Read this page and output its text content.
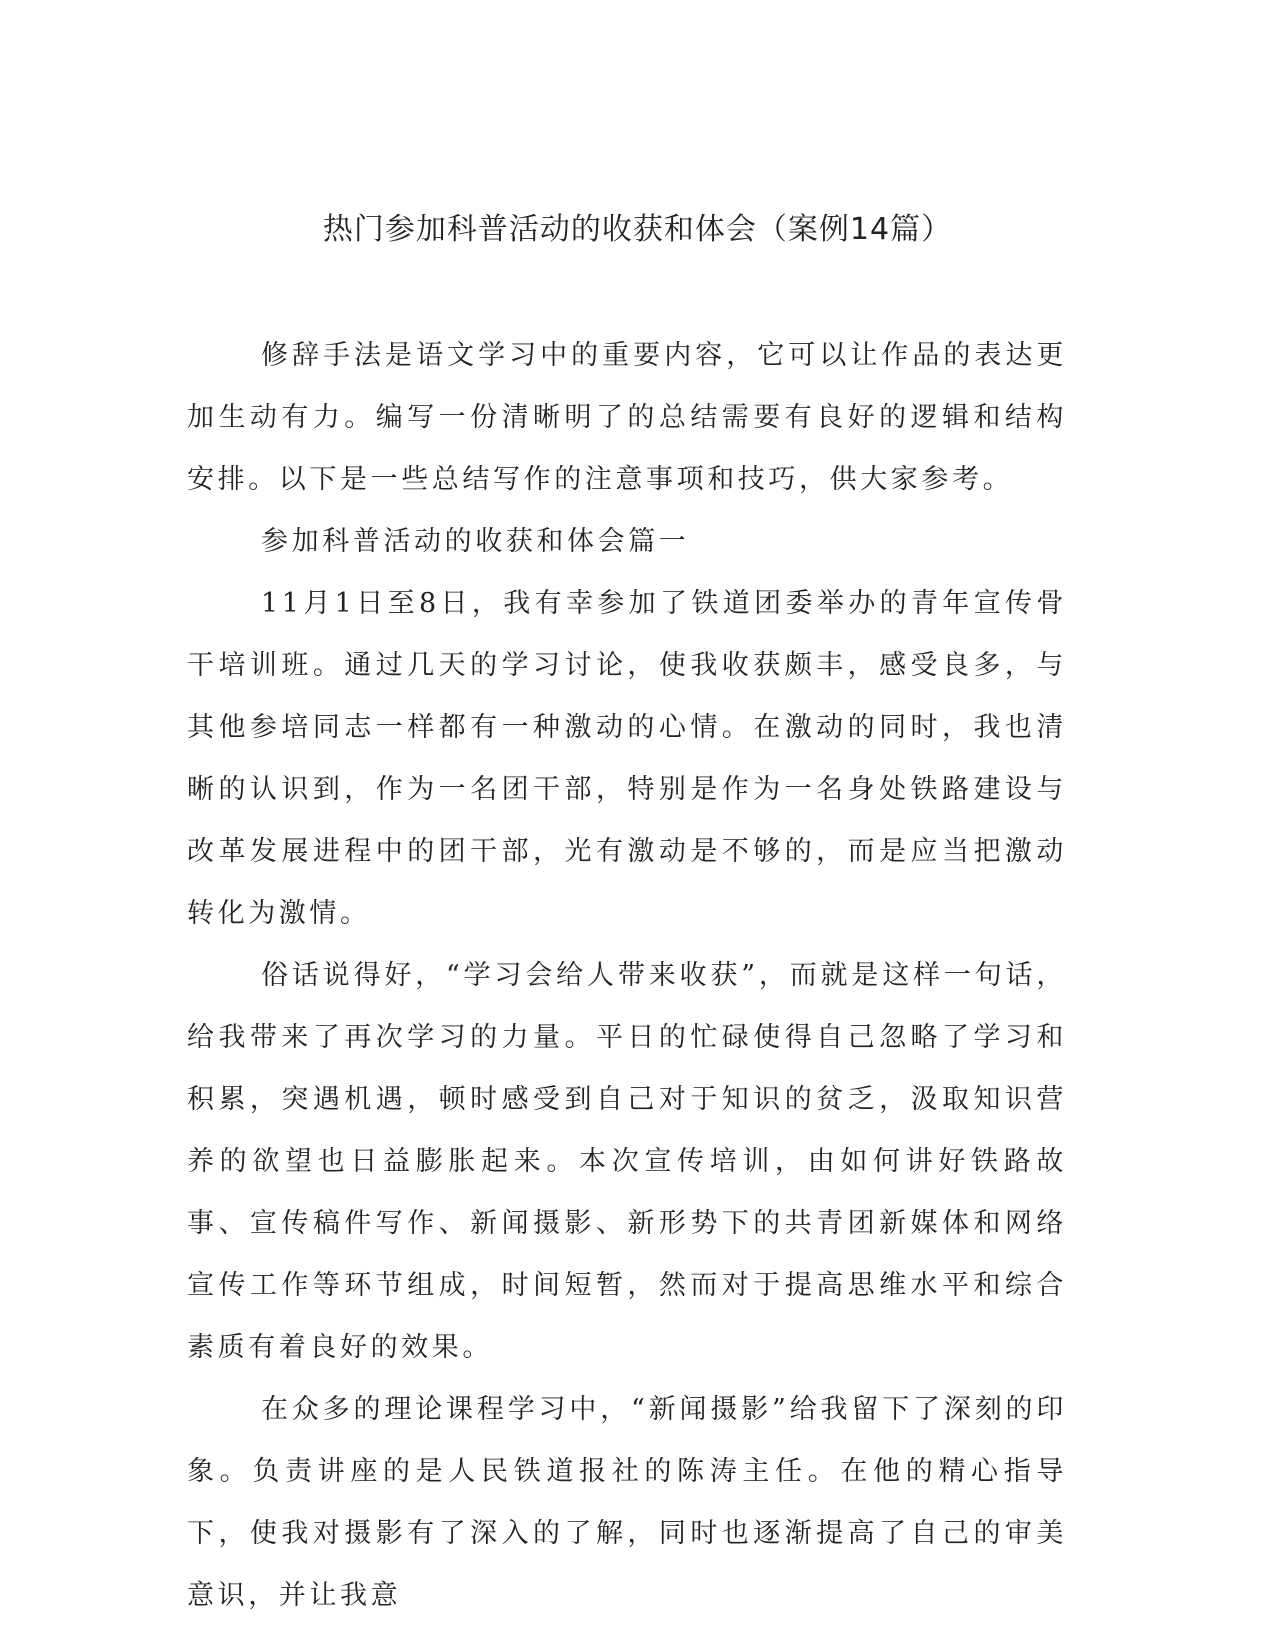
热门参加科普活动的收获和体会（案例14篇）

修辞手法是语文学习中的重要内容，它可以让作品的表达更加生动有力。编写一份清晰明了的总结需要有良好的逻辑和结构安排。以下是一些总结写作的注意事项和技巧，供大家参考。

参加科普活动的收获和体会篇一

11月1日至8日，我有幸参加了铁道团委举办的青年宣传骨干培训班。通过几天的学习讨论，使我收获颇丰，感受良多，与其他参培同志一样都有一种激动的心情。在激动的同时，我也清晰的认识到，作为一名团干部，特别是作为一名身处铁路建设与改革发展进程中的团干部，光有激动是不够的，而是应当把激动转化为激情。

俗话说得好，“学习会给人带来收获”，而就是这样一句话，给我带来了再次学习的力量。平日的忙碌使得自己忽略了学习和积累，突遇机遇，顿时感受到自己对于知识的贫乏，汲取知识营养的欲望也日益膨胀起来。本次宣传培训，由如何讲好铁路故事、宣传稿件写作、新闻摄影、新形势下的共青团新媒体和网络宣传工作等环节组成，时间短暂，然而对于提高思维水平和综合素质有着良好的效果。

在众多的理论课程学习中，“新闻摄影”给我留下了深刻的印象。负责讲座的是人民铁道报社的陈涛主任。在他的精心指导下，使我对摄影有了深入的了解，同时也逐渐提高了自己的审美意识，并让我意
